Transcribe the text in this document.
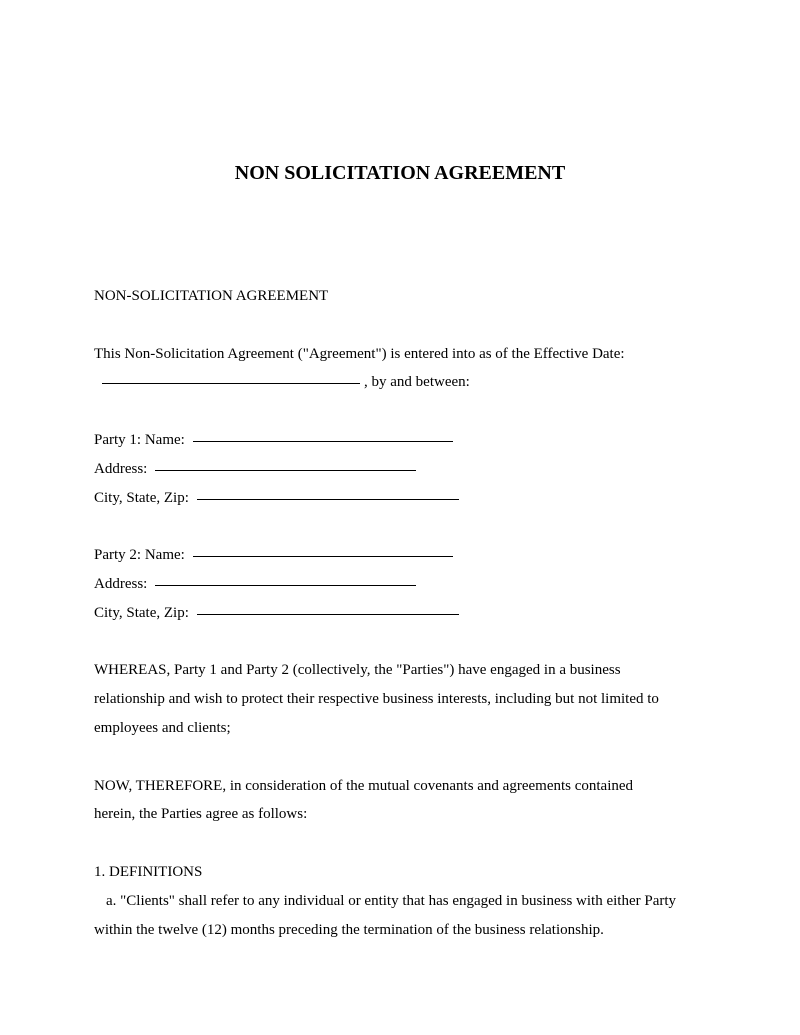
NON SOLICITATION AGREEMENT
NON-SOLICITATION AGREEMENT
This Non-Solicitation Agreement ("Agreement") is entered into as of the Effective Date:
, by and between:
Party 1: Name:
Address:
City, State, Zip:
Party 2: Name:
Address:
City, State, Zip:
WHEREAS, Party 1 and Party 2 (collectively, the "Parties") have engaged in a business
relationship and wish to protect their respective business interests, including but not limited to
employees and clients;
NOW, THEREFORE, in consideration of the mutual covenants and agreements contained
herein, the Parties agree as follows:
1. DEFINITIONS
a. "Clients" shall refer to any individual or entity that has engaged in business with either Party
within the twelve (12) months preceding the termination of the business relationship.
